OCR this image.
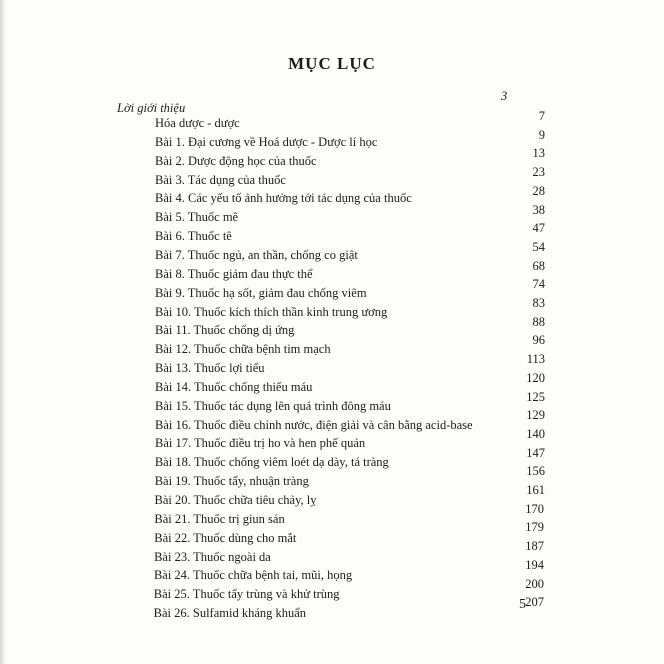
MỤC LỤC
3
Lời giới thiệu
Hóa dược - dược	7
Bài 1. Đại cương về Hoá dược - Dược lí học
9
Bài 2. Dược động học của thuốc
13
Bài 3. Tác dụng của thuốc
23
Bài 4. Các yếu tố ảnh hưởng tới tác dụng của thuốc
28
Bài 5. Thuốc mê
38
Bài 6. Thuốc tê
47
Bài 7. Thuốc ngủ, an thần, chống co giật
54
Bài 8. Thuốc giảm đau thực thể
68
Bài 9. Thuốc hạ sốt, giảm đau chống viêm
74
Bài 10. Thuốc kích thích thần kinh trung ương
83
Bài 11. Thuốc chống dị ứng
88
Bài 12. Thuốc chữa bệnh tim mạch
96
Bài 13. Thuốc lợi tiểu
113
Bài 14. Thuốc chống thiếu máu
120
Bài 15. Thuốc tác dụng lên quá trình đông máu
125
Bài 16. Thuốc điều chỉnh nước, điện giải và cân bằng acid-base
129
Bài 17. Thuốc điều trị ho và hen phế quản
140
Bài 18. Thuốc chống viêm loét dạ dày, tá tràng
147
Bài 19. Thuốc tẩy, nhuận tràng
156
Bài 20. Thuốc chữa tiêu chảy, lỵ
161
Bài 21. Thuốc trị giun sán
170
Bài 22. Thuốc dùng cho mắt
179
Bài 23. Thuốc ngoài da
187
Bài 24. Thuốc chữa bệnh tai, mũi, họng
194
Bài 25. Thuốc tẩy trùng và khử trùng
200
Bài 26. Sulfamid kháng khuẩn
207
5
